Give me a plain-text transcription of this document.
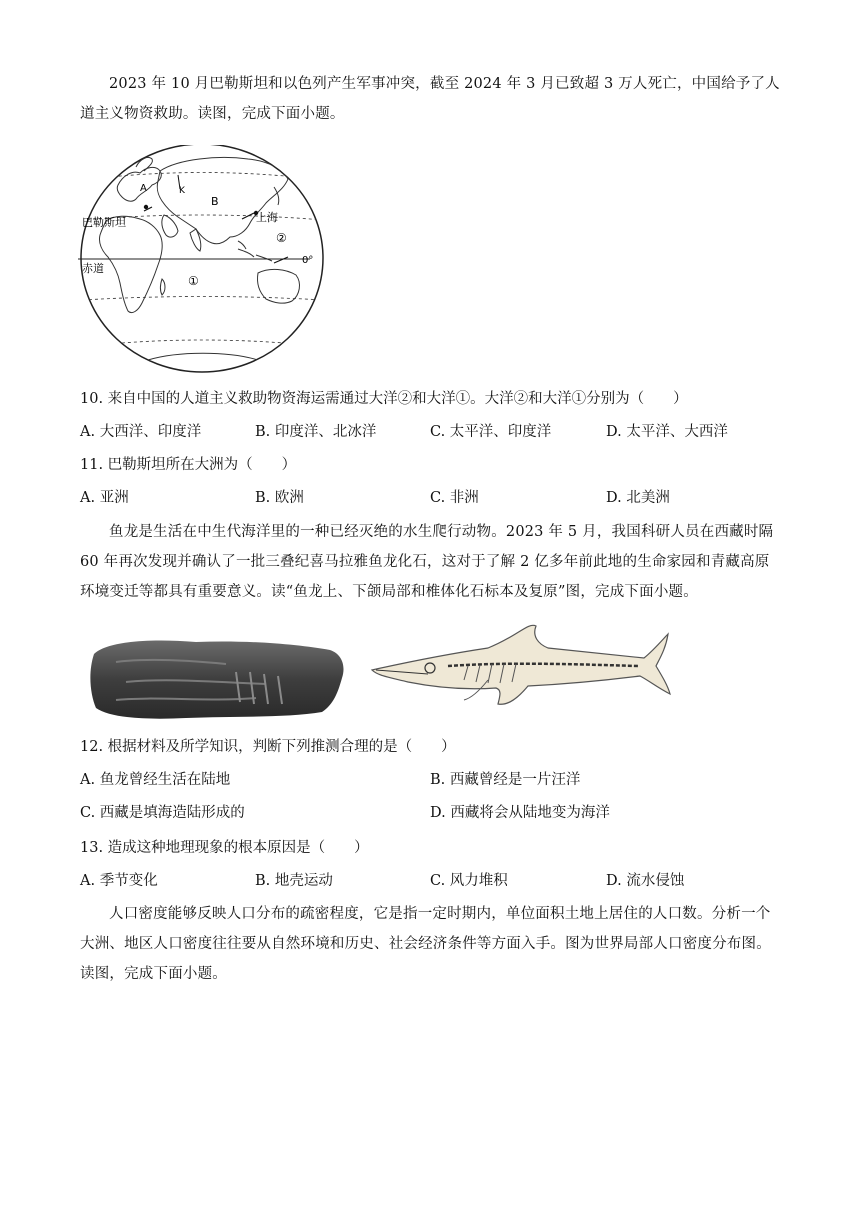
2023 年 10 月巴勒斯坦和以色列产生军事冲突，截至 2024 年 3 月已致超 3 万人死亡，中国给予了人道主义物资救助。读图，完成下面小题。

A	K
B
巴勒斯坦	上海
②
①
赤道
0°
10. 来自中国的人道主义救助物资海运需通过大洋②和大洋①。大洋②和大洋①分别为（　　）
A. 大西洋、印度洋	B. 印度洋、北冰洋	C. 太平洋、印度洋	D. 太平洋、大西洋
11. 巴勒斯坦所在大洲为（　　）
A. 亚洲	B. 欧洲	C. 非洲	D. 北美洲

鱼龙是生活在中生代海洋里的一种已经灭绝的水生爬行动物。2023 年 5 月，我国科研人员在西藏时隔 60 年再次发现并确认了一批三叠纪喜马拉雅鱼龙化石，这对于了解 2 亿多年前此地的生命家园和青藏高原环境变迁等都具有重要意义。读“鱼龙上、下颌局部和椎体化石标本及复原”图，完成下面小题。

12. 根据材料及所学知识，判断下列推测合理的是（　　）
A. 鱼龙曾经生活在陆地	B. 西藏曾经是一片汪洋
C. 西藏是填海造陆形成的	D. 西藏将会从陆地变为海洋
13. 造成这种地理现象的根本原因是（　　）
A. 季节变化	B. 地壳运动	C. 风力堆积	D. 流水侵蚀

人口密度能够反映人口分布的疏密程度，它是指一定时期内，单位面积土地上居住的人口数。分析一个大洲、地区人口密度往往要从自然环境和历史、社会经济条件等方面入手。图为世界局部人口密度分布图。读图，完成下面小题。
